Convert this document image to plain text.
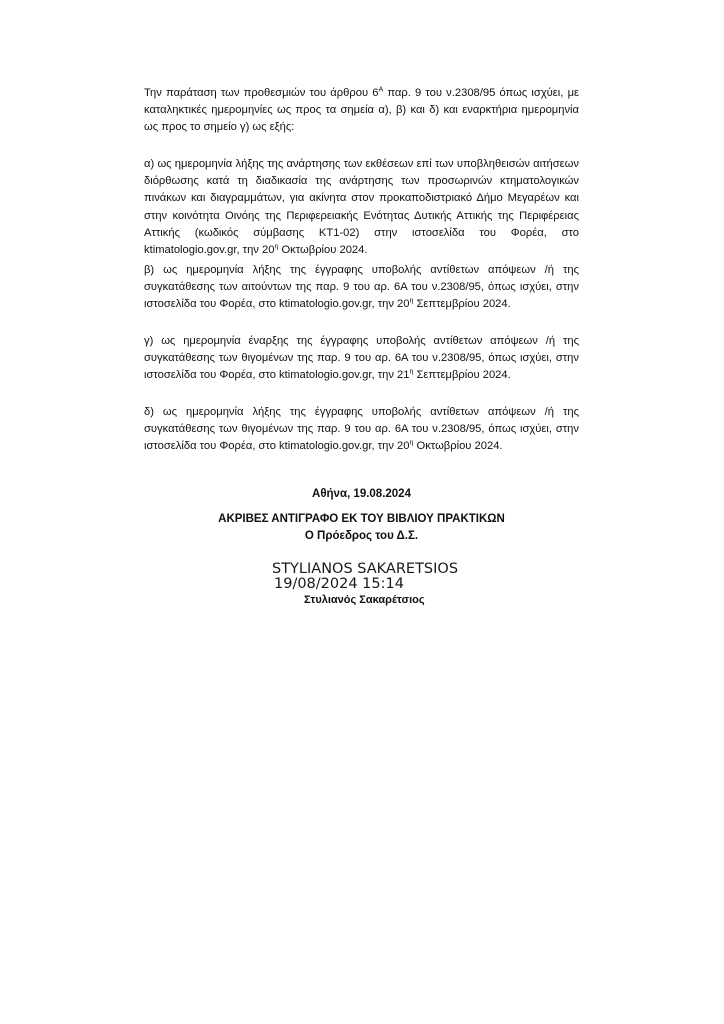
Την παράταση των προθεσμιών του άρθρου $6^A$ παρ. 9 του ν.2308/95 όπως ισχύει, με καταληκτικές ημερομηνίες ως προς τα σημεία α), β) και δ) και εναρκτήρια ημερομηνία ως προς το σημείο γ) ως εξής:

α) ως ημερομηνία λήξης της ανάρτησης των εκθέσεων επί των υποβληθεισών αιτήσεων διόρθωσης κατά τη διαδικασία της ανάρτησης των προσωρινών κτηματολογικών πινάκων και διαγραμμάτων, για ακίνητα στον προκαποδιστριακό Δήμο Μεγαρέων και στην κοινότητα Οινόης της Περιφερειακής Ενότητας Δυτικής Αττικής της Περιφέρειας Αττικής (κωδικός σύμβασης ΚΤ1-02) στην ιστοσελίδα του Φορέα, στο ktimatologio.gov.gr, την $20^\eta$ Οκτωβρίου 2024.

β) ως ημερομηνία λήξης της έγγραφης υποβολής αντίθετων απόψεων /ή της συγκατάθεσης των αιτούντων της παρ. 9 του αρ. 6Α του ν.2308/95, όπως ισχύει, στην ιστοσελίδα του Φορέα, στο ktimatologio.gov.gr, την $20^\eta$ Σεπτεμβρίου 2024.

γ) ως ημερομηνία έναρξης της έγγραφης υποβολής αντίθετων απόψεων /ή της συγκατάθεσης των θιγομένων της παρ. 9 του αρ. 6Α του ν.2308/95, όπως ισχύει, στην ιστοσελίδα του Φορέα, στο ktimatologio.gov.gr, την $21^\eta$ Σεπτεμβρίου 2024.

δ) ως ημερομηνία λήξης της έγγραφης υποβολής αντίθετων απόψεων /ή της συγκατάθεσης των θιγομένων της παρ. 9 του αρ. 6Α του ν.2308/95, όπως ισχύει, στην ιστοσελίδα του Φορέα, στο ktimatologio.gov.gr, την $20^\eta$ Οκτωβρίου 2024.

Αθήνα, 19.08.2024
ΑΚΡΙΒΕΣ ΑΝΤΙΓΡΑΦΟ ΕΚ ΤΟΥ ΒΙΒΛΙΟΥ ΠΡΑΚΤΙΚΩΝ
Ο Πρόεδρος του Δ.Σ.
STYLIANOS SAKARETSIOS
19/08/2024 15:14
Στυλιανός Σακαρέτσιος
